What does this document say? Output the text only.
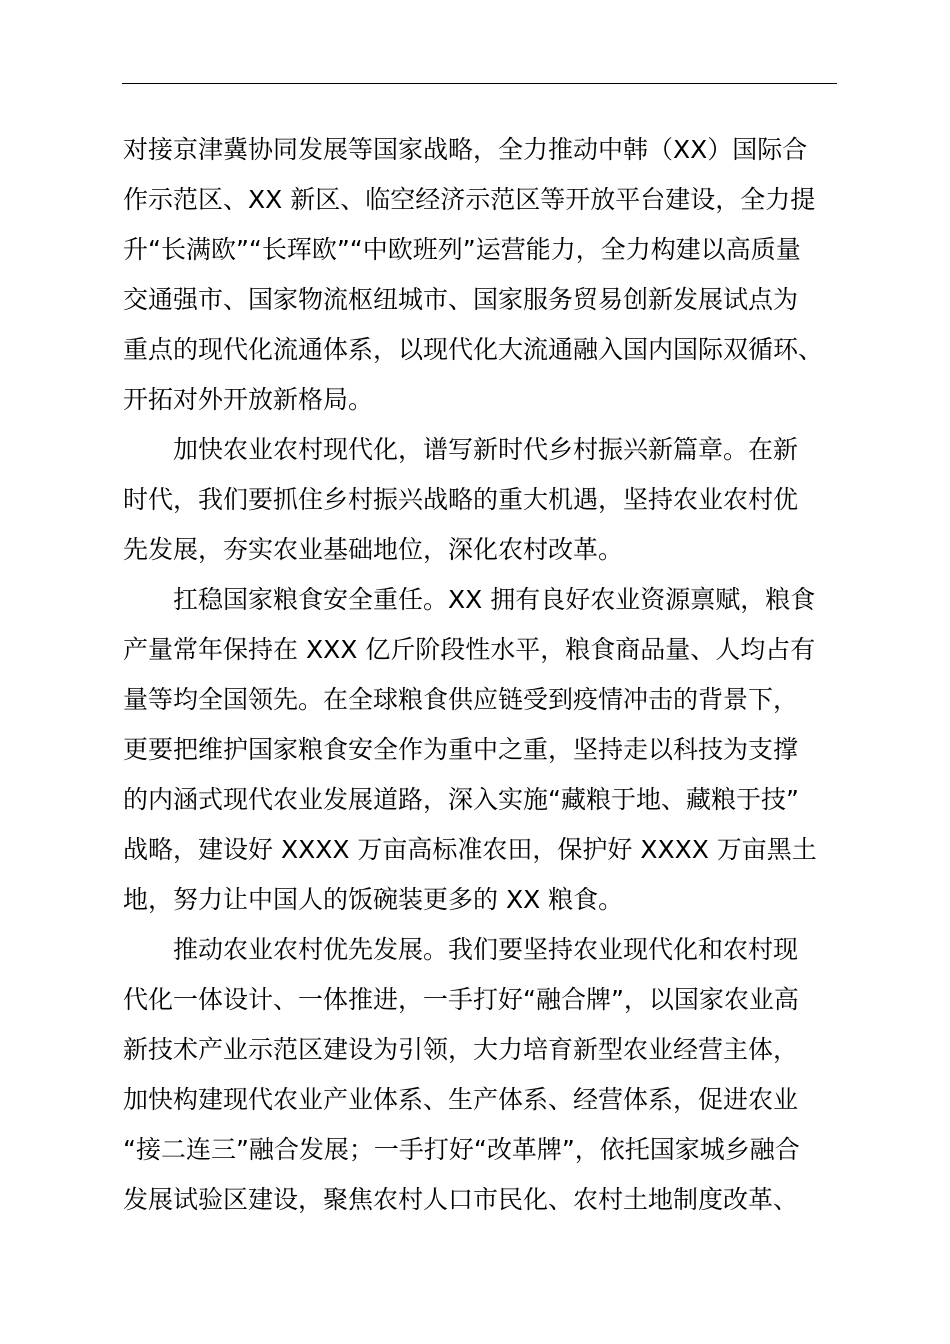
对接京津冀协同发展等国家战略，全力推动中韩（XX）国际合
作示范区、XX 新区、临空经济示范区等开放平台建设，全力提
升“长满欧”“长珲欧”“中欧班列”运营能力，全力构建以高质量
交通强市、国家物流枢纽城市、国家服务贸易创新发展试点为
重点的现代化流通体系，以现代化大流通融入国内国际双循环、
开拓对外开放新格局。
加快农业农村现代化，谱写新时代乡村振兴新篇章。在新
时代，我们要抓住乡村振兴战略的重大机遇，坚持农业农村优
先发展，夯实农业基础地位，深化农村改革。
扛稳国家粮食安全重任。XX 拥有良好农业资源禀赋，粮食
产量常年保持在 XXX 亿斤阶段性水平，粮食商品量、人均占有
量等均全国领先。在全球粮食供应链受到疫情冲击的背景下，
更要把维护国家粮食安全作为重中之重，坚持走以科技为支撑
的内涵式现代农业发展道路，深入实施“藏粮于地、藏粮于技”
战略，建设好 XXXX 万亩高标准农田，保护好 XXXX 万亩黑土
地，努力让中国人的饭碗装更多的 XX 粮食。
推动农业农村优先发展。我们要坚持农业现代化和农村现
代化一体设计、一体推进，一手打好“融合牌”，以国家农业高
新技术产业示范区建设为引领，大力培育新型农业经营主体，
加快构建现代农业产业体系、生产体系、经营体系，促进农业
“接二连三”融合发展；一手打好“改革牌”，依托国家城乡融合
发展试验区建设，聚焦农村人口市民化、农村土地制度改革、
